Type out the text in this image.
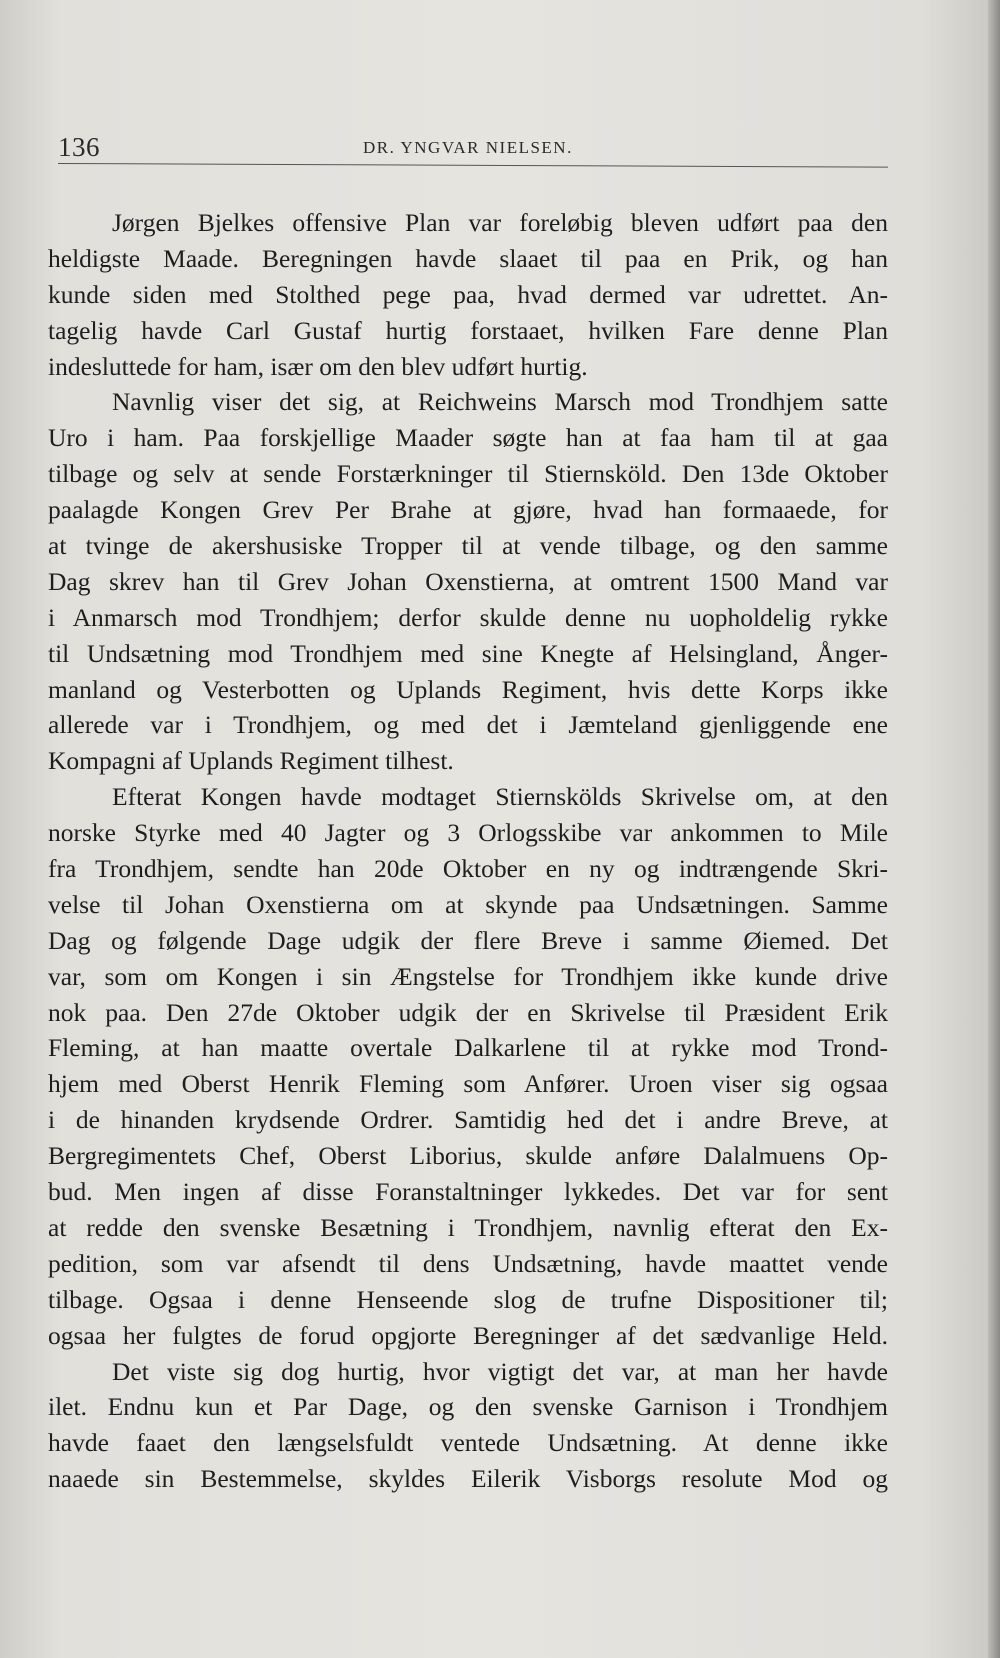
136	DR. YNGVAR NIELSEN.
Jørgen Bjelkes offensive Plan var foreløbig bleven udført paa den
heldigste Maade. Beregningen havde slaaet til paa en Prik, og han
kunde siden med Stolthed pege paa, hvad dermed var udrettet. An-
tagelig havde Carl Gustaf hurtig forstaaet, hvilken Fare denne Plan
indesluttede for ham, især om den blev udført hurtig.
Navnlig viser det sig, at Reichweins Marsch mod Trondhjem satte
Uro i ham. Paa forskjellige Maader søgte han at faa ham til at gaa
tilbage og selv at sende Forstærkninger til Stiernsköld. Den 13de Oktober
paalagde Kongen Grev Per Brahe at gjøre, hvad han formaaede, for
at tvinge de akershusiske Tropper til at vende tilbage, og den samme
Dag skrev han til Grev Johan Oxenstierna, at omtrent 1500 Mand var
i Anmarsch mod Trondhjem; derfor skulde denne nu uopholdelig rykke
til Undsætning mod Trondhjem med sine Knegte af Helsingland, Ånger-
manland og Vesterbotten og Uplands Regiment, hvis dette Korps ikke
allerede var i Trondhjem, og med det i Jæmteland gjenliggende ene
Kompagni af Uplands Regiment tilhest.
Efterat Kongen havde modtaget Stiernskölds Skrivelse om, at den
norske Styrke med 40 Jagter og 3 Orlogsskibe var ankommen to Mile
fra Trondhjem, sendte han 20de Oktober en ny og indtrængende Skri-
velse til Johan Oxenstierna om at skynde paa Undsætningen. Samme
Dag og følgende Dage udgik der flere Breve i samme Øiemed. Det
var, som om Kongen i sin Ængstelse for Trondhjem ikke kunde drive
nok paa. Den 27de Oktober udgik der en Skrivelse til Præsident Erik
Fleming, at han maatte overtale Dalkarlene til at rykke mod Trond-
hjem med Oberst Henrik Fleming som Anfører. Uroen viser sig ogsaa
i de hinanden krydsende Ordrer. Samtidig hed det i andre Breve, at
Bergregimentets Chef, Oberst Liborius, skulde anføre Dalalmuens Op-
bud. Men ingen af disse Foranstaltninger lykkedes. Det var for sent
at redde den svenske Besætning i Trondhjem, navnlig efterat den Ex-
pedition, som var afsendt til dens Undsætning, havde maattet vende
tilbage. Ogsaa i denne Henseende slog de trufne Dispositioner til;
ogsaa her fulgtes de forud opgjorte Beregninger af det sædvanlige Held.
Det viste sig dog hurtig, hvor vigtigt det var, at man her havde
ilet. Endnu kun et Par Dage, og den svenske Garnison i Trondhjem
havde faaet den længselsfuldt ventede Undsætning. At denne ikke
naaede sin Bestemmelse, skyldes Eilerik Visborgs resolute Mod og
